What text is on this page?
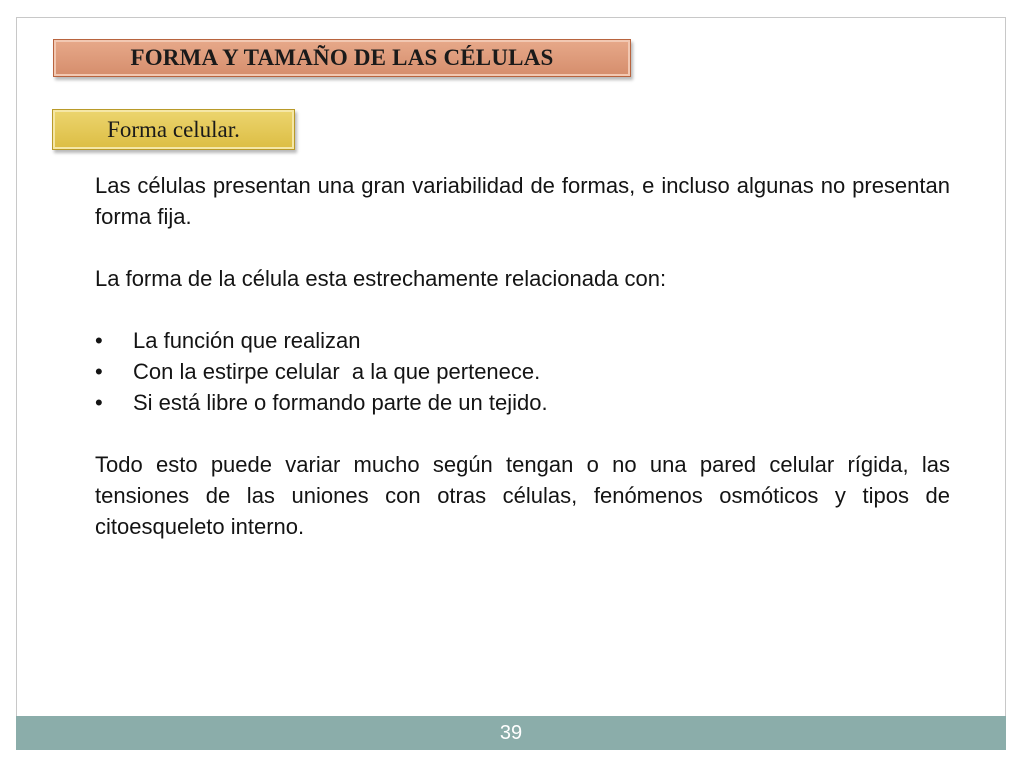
FORMA Y TAMAÑO DE LAS CÉLULAS
Forma celular.

Las células presentan una gran variabilidad de formas, e incluso algunas no presentan forma fija.

La forma de la célula esta estrechamente relacionada con:

•	La función que realizan
•	Con la estirpe celular  a la que pertenece.
•	Si está libre o formando parte de un tejido.

Todo esto puede variar mucho según tengan o no una pared celular rígida, las tensiones de las uniones con otras células, fenómenos osmóticos y tipos de citoesqueleto interno.

39
